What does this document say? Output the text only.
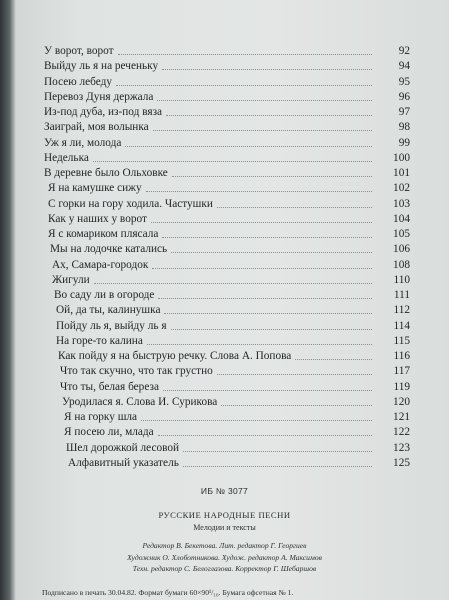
У ворот, ворот	92
Выйду ль я на реченьку	94
Посею лебеду	95
Перевоз Дуня держала	96
Из-под дуба, из-под вяза	97
Заиграй, моя волынка	98
Уж я ли, молода	99
Неделька	100
В деревне было Ольховке	101
Я на камушке сижу	102
С горки на гору ходила. Частушки	103
Как у наших у ворот	104
Я с комариком плясала	105
Мы на лодочке катались	106
Ах, Самара-городок	108
Жигули	110
Во саду ли в огороде	111
Ой, да ты, калинушка	112
Пойду ль я, выйду ль я	114
На горе-то калина	115
Как пойду я на быструю речку. Слова А. Попова	116
Что так скучно, что так грустно	117
Что ты, белая береза	119
Уродилася я. Слова И. Сурикова	120
Я на горку шла	121
Я посею ли, млада	122
Шел дорожкой лесовой	123
Алфавитный указатель	125
ИБ № 3077
РУССКИЕ НАРОДНЫЕ ПЕСНИ
Мелодии и тексты
Редактор В. Бекетова. Лит. редактор Г. Георгиев
Художник О. Хлоботникова. Худож. редактор А. Максимов
Техн. редактор С. Белоглазова. Корректор Г. Шебаршов
Подписано в печать 30.04.82. Формат бумаги 60×90¹/₁₆. Бумага офсетная № 1.
